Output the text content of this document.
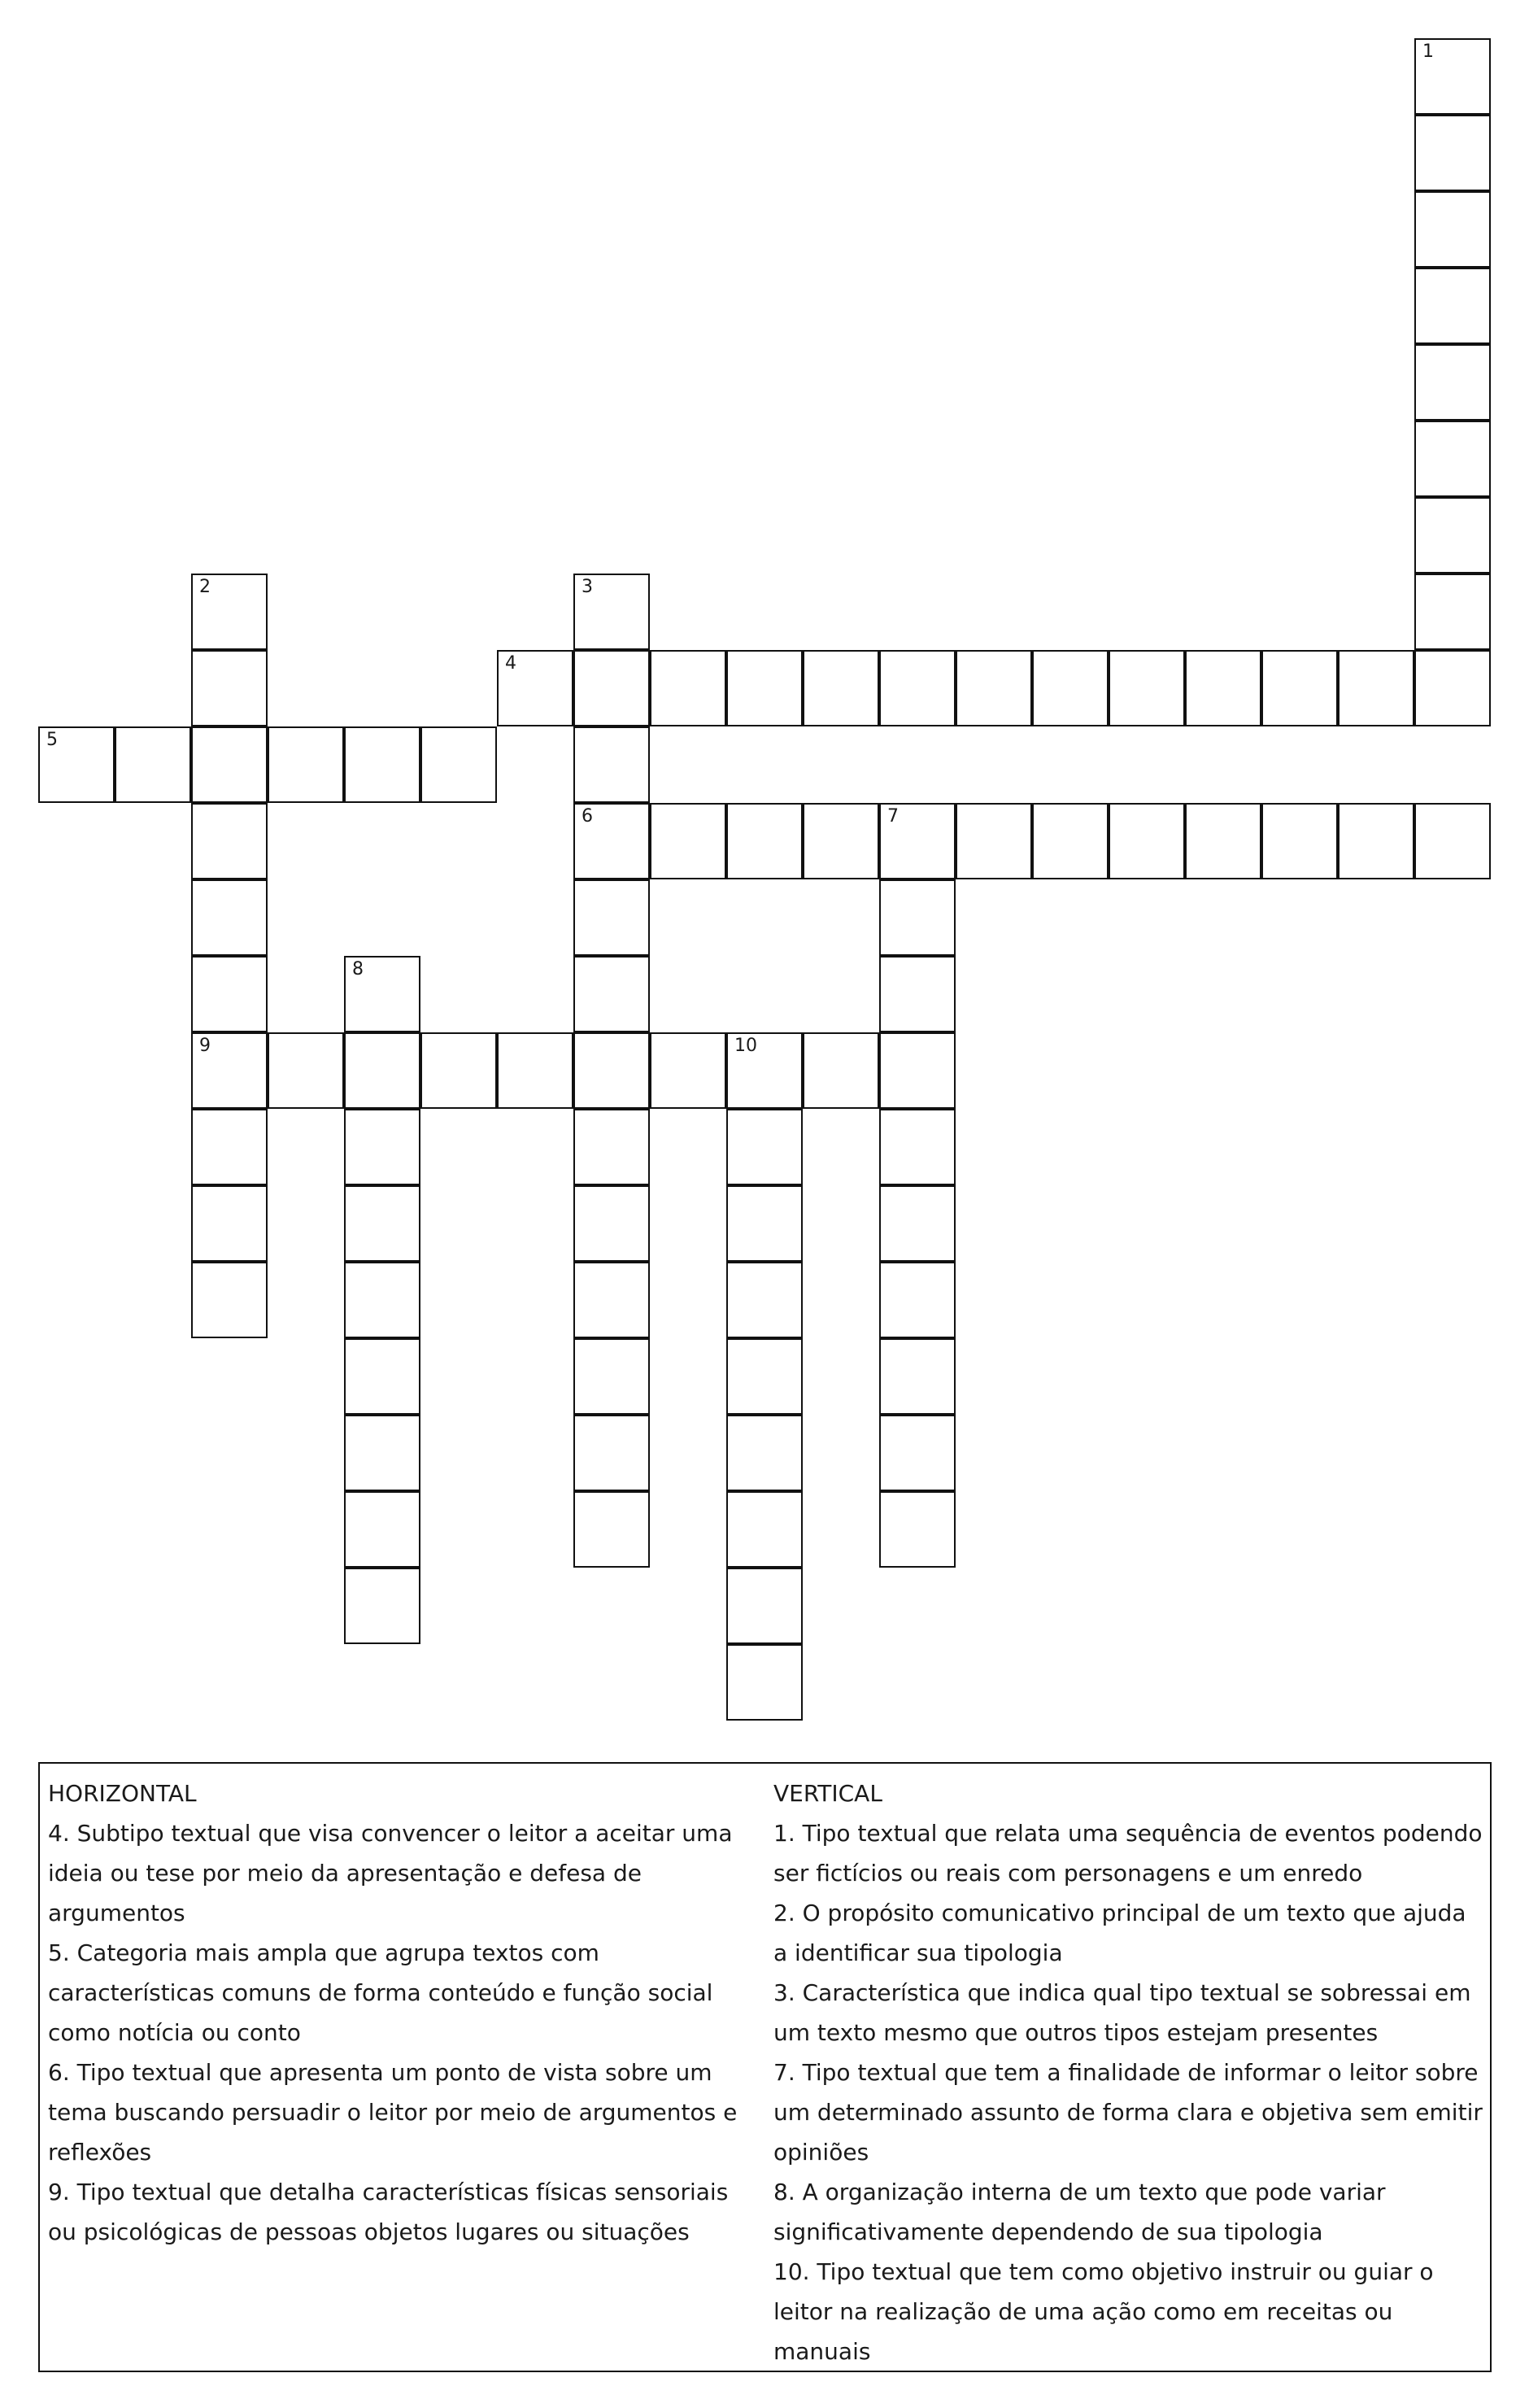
1
2	3
4
5
6	7
8
9	10

HORIZONTAL

4. Subtipo textual que visa convencer o leitor a aceitar uma ideia ou tese por meio da apresentação e defesa de argumentos

5. Categoria mais ampla que agrupa textos com características comuns de forma conteúdo e função social como notícia ou conto

6. Tipo textual que apresenta um ponto de vista sobre um tema buscando persuadir o leitor por meio de argumentos e reflexões

9. Tipo textual que detalha características físicas sensoriais ou psicológicas de pessoas objetos lugares ou situações

VERTICAL

1. Tipo textual que relata uma sequência de eventos podendo ser fictícios ou reais com personagens e um enredo

2. O propósito comunicativo principal de um texto que ajuda a identificar sua tipologia

3. Característica que indica qual tipo textual se sobressai em um texto mesmo que outros tipos estejam presentes

7. Tipo textual que tem a finalidade de informar o leitor sobre um determinado assunto de forma clara e objetiva sem emitir opiniões

8. A organização interna de um texto que pode variar significativamente dependendo de sua tipologia

10. Tipo textual que tem como objetivo instruir ou guiar o leitor na realização de uma ação como em receitas ou manuais
